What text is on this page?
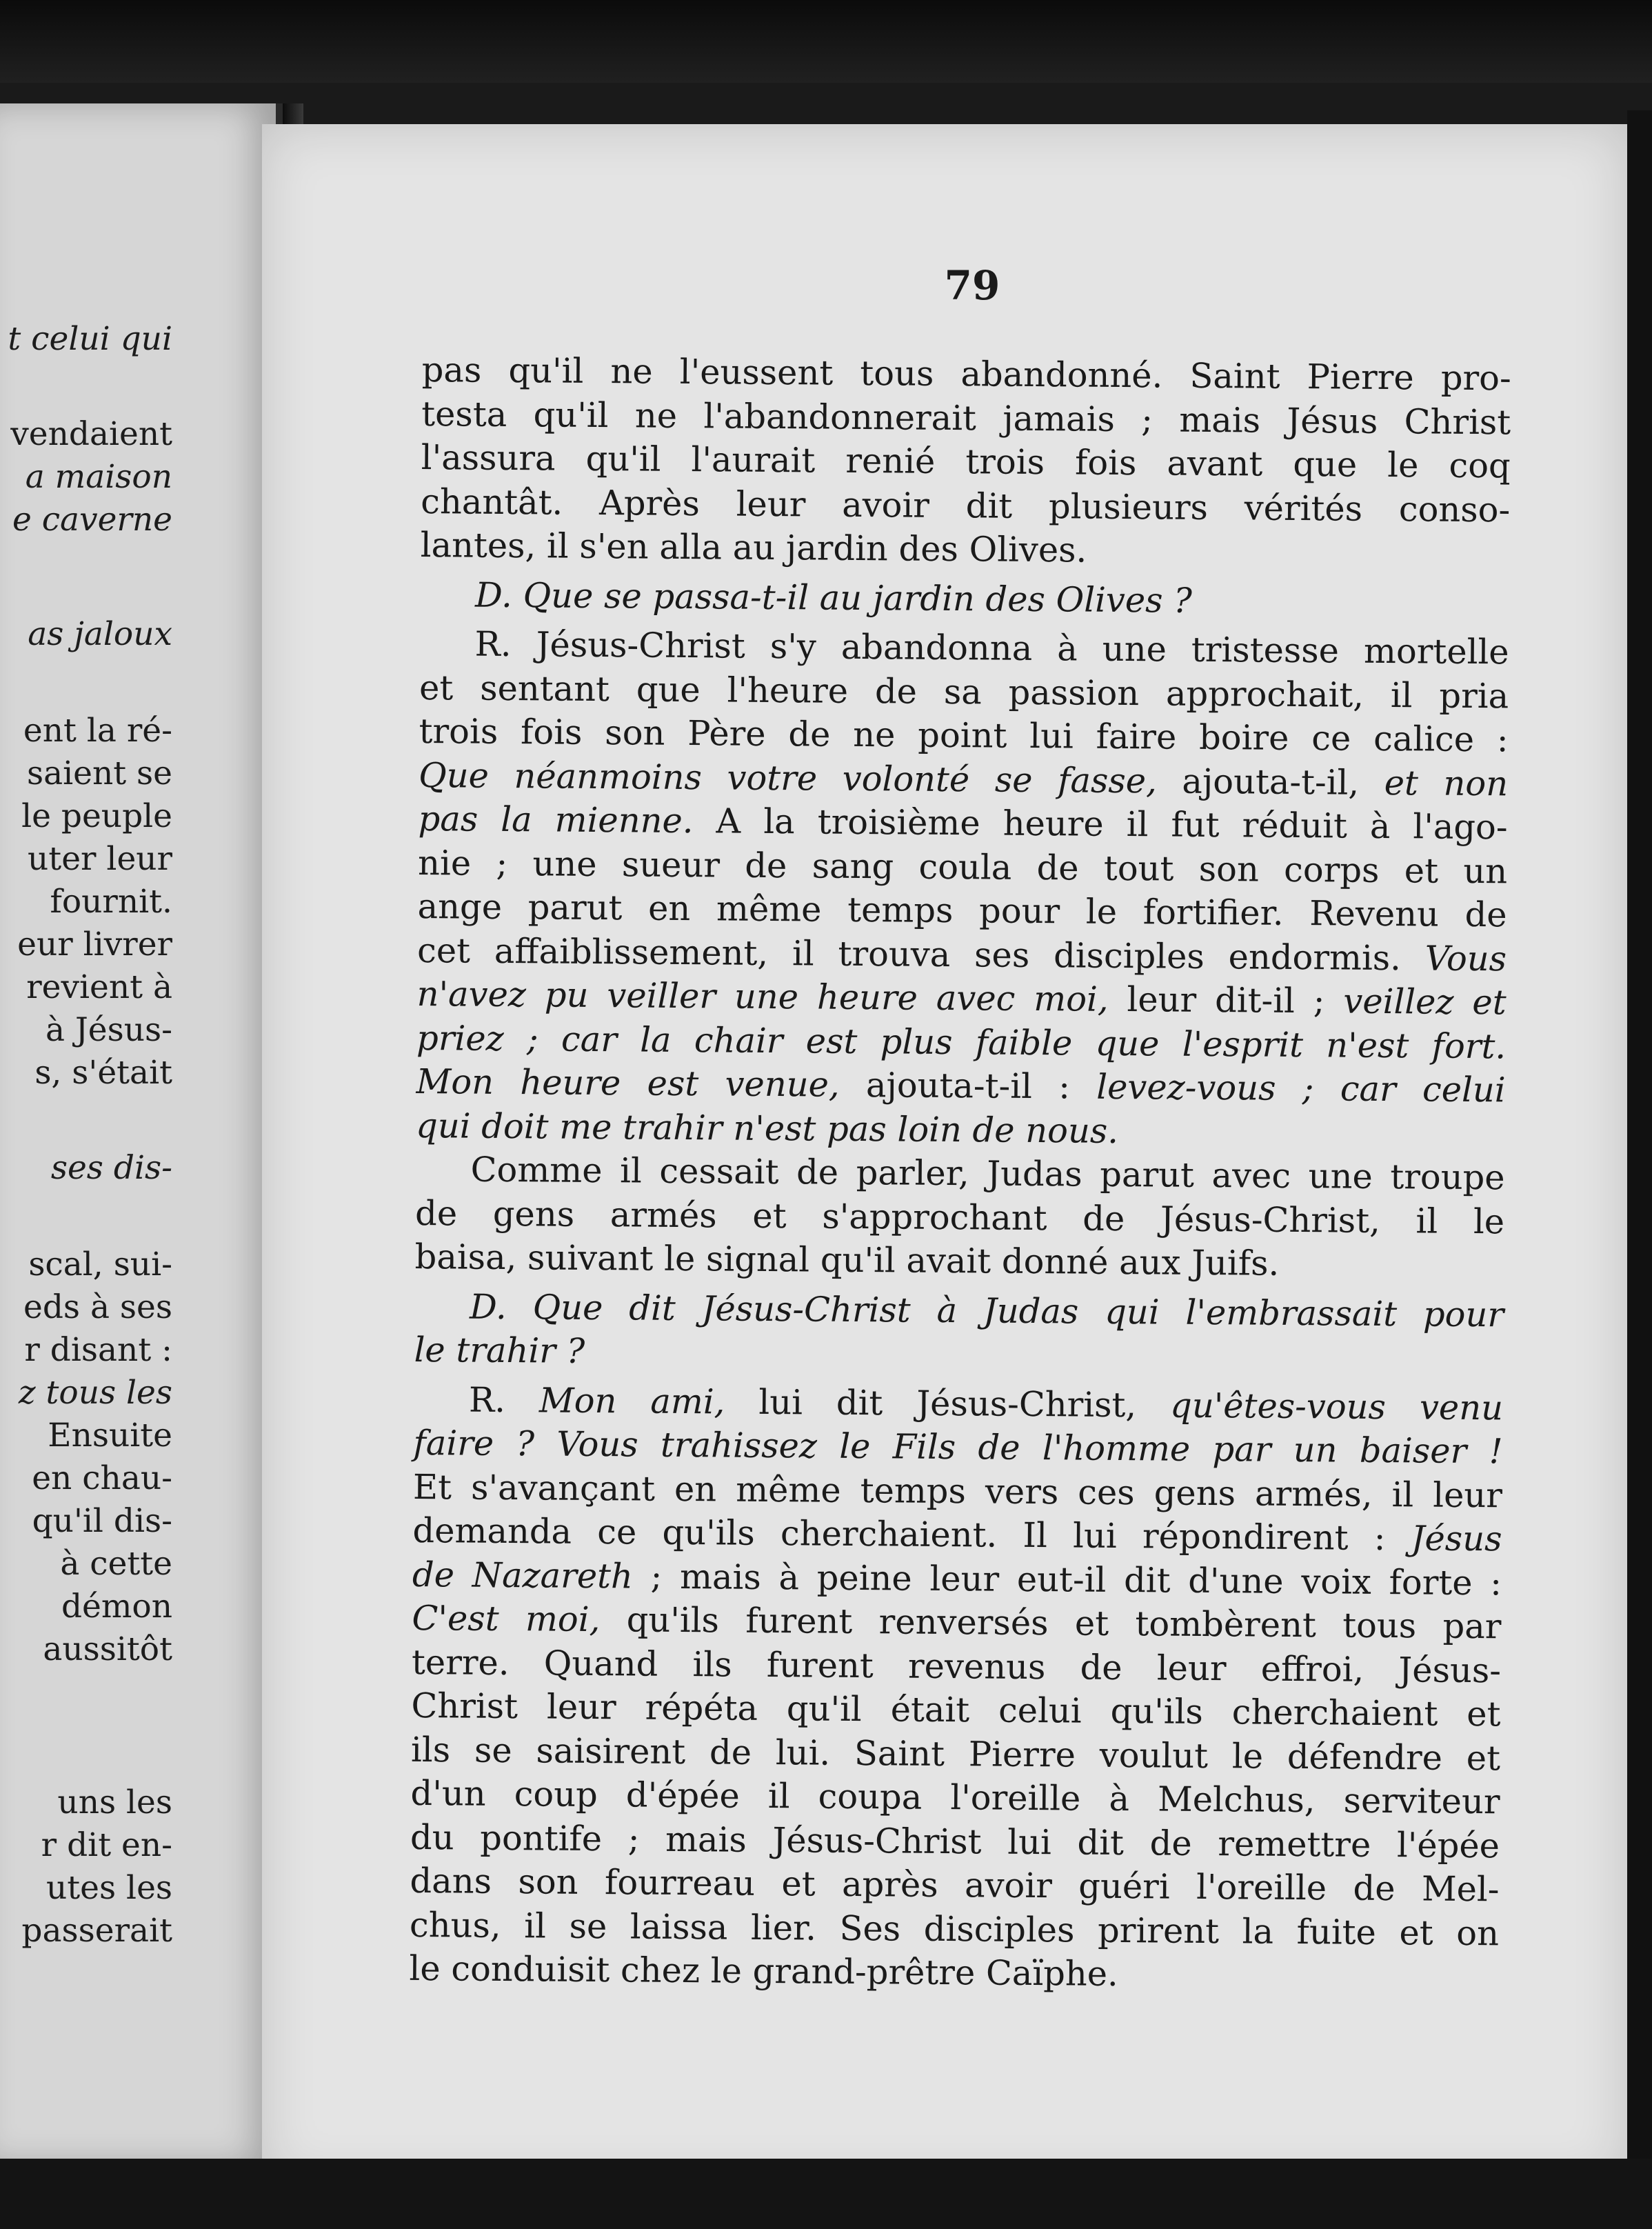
t celui qui
vendaient
a maison
e caverne
as jaloux
ent la ré-
saient se
le peuple
uter leur
fournit.
eur livrer
revient à
à Jésus-
s, s'était
ses dis-
scal, sui-
eds à ses
r disant :
z tous les
Ensuite
en chau-
qu'il dis-
à cette
démon
aussitôt
uns les
r dit en-
utes les
passerait
79
pas qu'il ne l'eussent tous abandonné. Saint Pierre pro-
testa qu'il ne l'abandonnerait jamais ; mais Jésus Christ
l'assura qu'il l'aurait renié trois fois avant que le coq
chantât. Après leur avoir dit plusieurs vérités conso-
lantes, il s'en alla au jardin des Olives.
D. Que se passa-t-il au jardin des Olives ?
R. Jésus-Christ s'y abandonna à une tristesse mortelle
et sentant que l'heure de sa passion approchait, il pria
trois fois son Père de ne point lui faire boire ce calice :
Que néanmoins votre volonté se fasse, ajouta-t-il, et non
pas la mienne. A la troisième heure il fut réduit à l'ago-
nie ; une sueur de sang coula de tout son corps et un
ange parut en même temps pour le fortifier. Revenu de
cet affaiblissement, il trouva ses disciples endormis. Vous
n'avez pu veiller une heure avec moi, leur dit-il ; veillez et
priez ; car la chair est plus faible que l'esprit n'est fort.
Mon heure est venue, ajouta-t-il : levez-vous ; car celui
qui doit me trahir n'est pas loin de nous.
Comme il cessait de parler, Judas parut avec une troupe
de gens armés et s'approchant de Jésus-Christ, il le
baisa, suivant le signal qu'il avait donné aux Juifs.
D. Que dit Jésus-Christ à Judas qui l'embrassait pour
le trahir ?
R. Mon ami, lui dit Jésus-Christ, qu'êtes-vous venu
faire ? Vous trahissez le Fils de l'homme par un baiser !
Et s'avançant en même temps vers ces gens armés, il leur
demanda ce qu'ils cherchaient. Il lui répondirent : Jésus
de Nazareth ; mais à peine leur eut-il dit d'une voix forte :
C'est moi, qu'ils furent renversés et tombèrent tous par
terre. Quand ils furent revenus de leur effroi, Jésus-
Christ leur répéta qu'il était celui qu'ils cherchaient et
ils se saisirent de lui. Saint Pierre voulut le défendre et
d'un coup d'épée il coupa l'oreille à Melchus, serviteur
du pontife ; mais Jésus-Christ lui dit de remettre l'épée
dans son fourreau et après avoir guéri l'oreille de Mel-
chus, il se laissa lier. Ses disciples prirent la fuite et on
le conduisit chez le grand-prêtre Caïphe.
